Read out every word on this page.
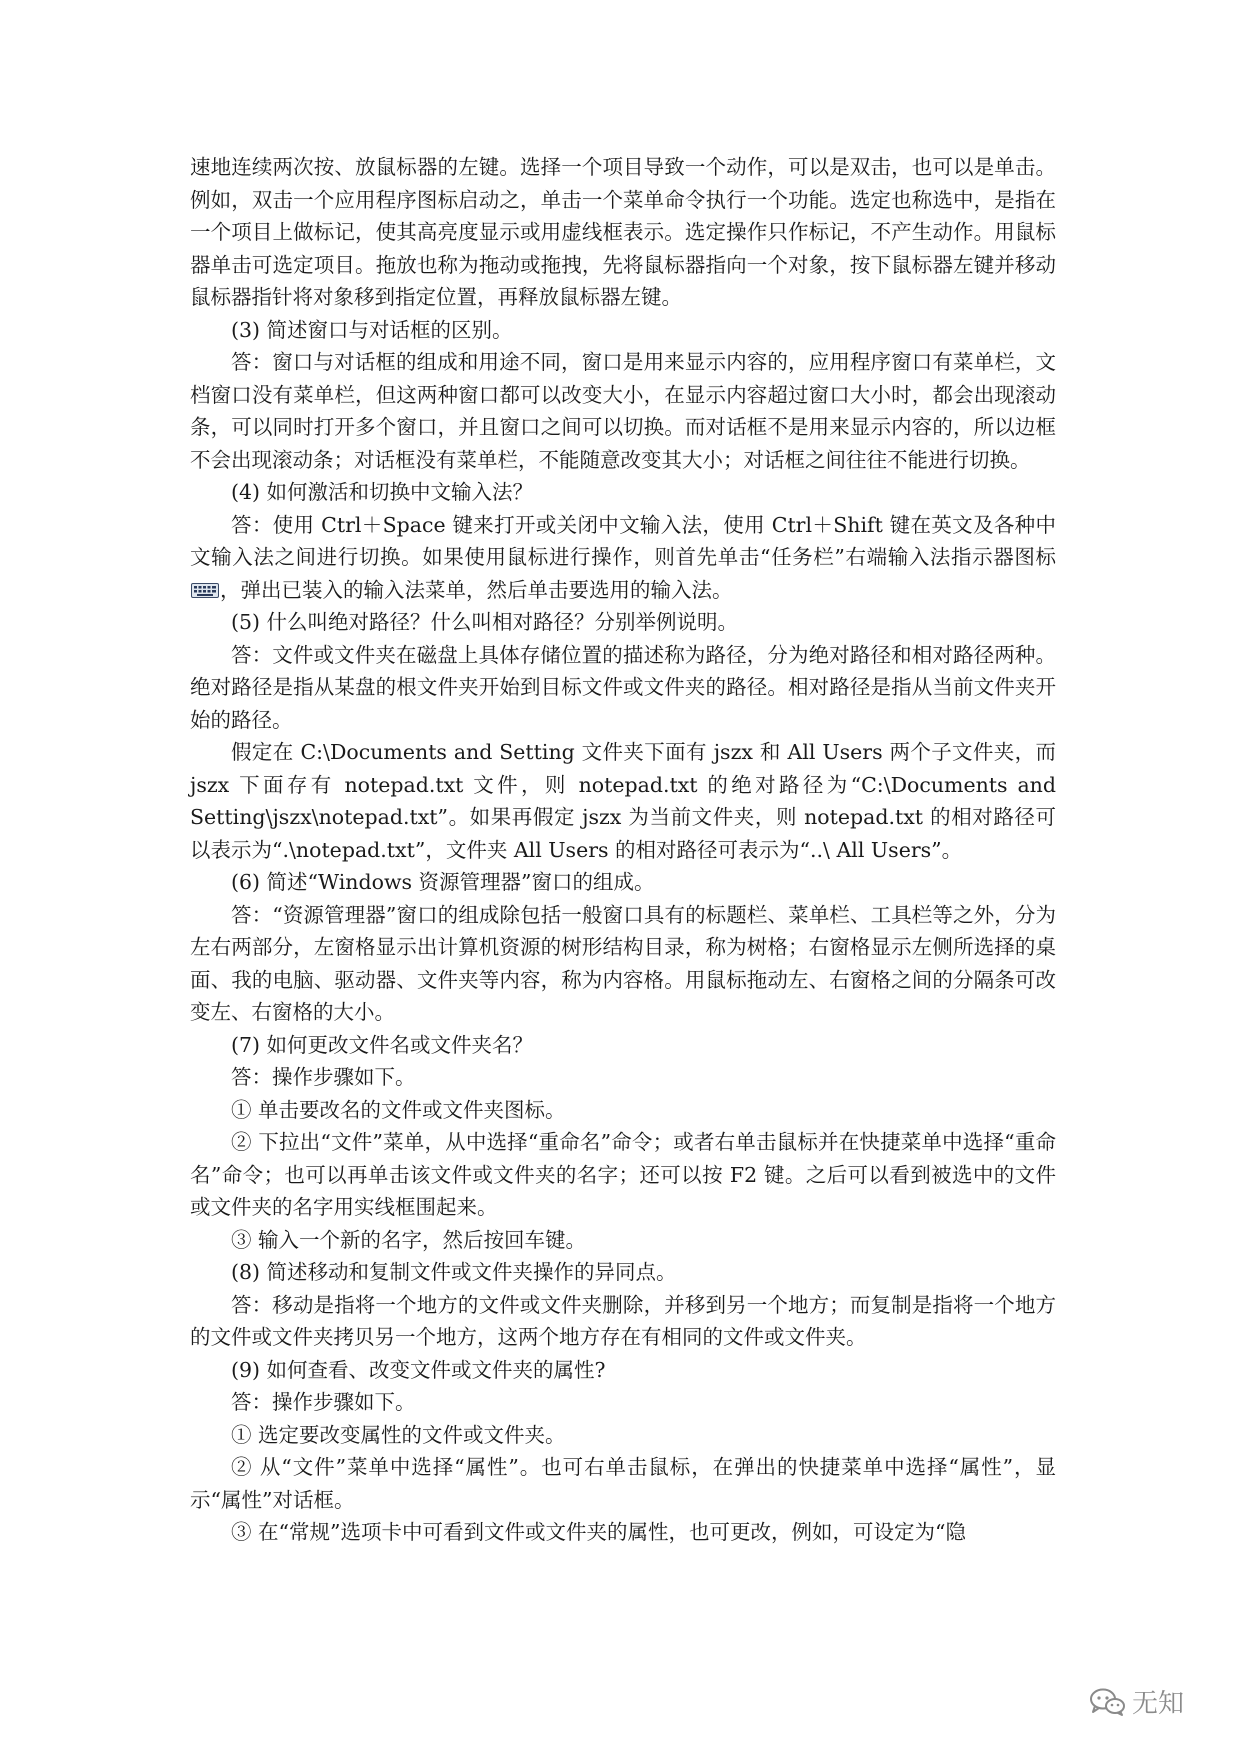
速地连续两次按、放鼠标器的左键。选择一个项目导致一个动作，可以是双击，也可以是单击。例如，双击一个应用程序图标启动之，单击一个菜单命令执行一个功能。选定也称选中，是指在一个项目上做标记，使其高亮度显示或用虚线框表示。选定操作只作标记，不产生动作。用鼠标器单击可选定项目。拖放也称为拖动或拖拽，先将鼠标器指向一个对象，按下鼠标器左键并移动鼠标器指针将对象移到指定位置，再释放鼠标器左键。

(3) 简述窗口与对话框的区别。

答：窗口与对话框的组成和用途不同，窗口是用来显示内容的，应用程序窗口有菜单栏，文档窗口没有菜单栏，但这两种窗口都可以改变大小，在显示内容超过窗口大小时，都会出现滚动条，可以同时打开多个窗口，并且窗口之间可以切换。而对话框不是用来显示内容的，所以边框不会出现滚动条；对话框没有菜单栏，不能随意改变其大小；对话框之间往往不能进行切换。

(4) 如何激活和切换中文输入法？

答：使用 Ctrl＋Space 键来打开或关闭中文输入法，使用 Ctrl＋Shift 键在英文及各种中文输入法之间进行切换。如果使用鼠标进行操作，则首先单击“任务栏”右端输入法指示器图标，弹出已装入的输入法菜单，然后单击要选用的输入法。

(5) 什么叫绝对路径？什么叫相对路径？分别举例说明。

答：文件或文件夹在磁盘上具体存储位置的描述称为路径，分为绝对路径和相对路径两种。绝对路径是指从某盘的根文件夹开始到目标文件或文件夹的路径。相对路径是指从当前文件夹开始的路径。

假定在 C:\Documents and Setting 文件夹下面有 jszx 和 All Users 两个子文件夹，而 jszx 下面存有 notepad.txt 文件，则 notepad.txt 的绝对路径为“C:\Documents and Setting\jszx\notepad.txt”。如果再假定 jszx 为当前文件夹，则 notepad.txt 的相对路径可以表示为“.\notepad.txt”，文件夹 All Users 的相对路径可表示为“..\ All Users”。

(6) 简述“Windows 资源管理器”窗口的组成。

答：“资源管理器”窗口的组成除包括一般窗口具有的标题栏、菜单栏、工具栏等之外，分为左右两部分，左窗格显示出计算机资源的树形结构目录，称为树格；右窗格显示左侧所选择的桌面、我的电脑、驱动器、文件夹等内容，称为内容格。用鼠标拖动左、右窗格之间的分隔条可改变左、右窗格的大小。

(7) 如何更改文件名或文件夹名？

答：操作步骤如下。

① 单击要改名的文件或文件夹图标。

② 下拉出“文件”菜单，从中选择“重命名”命令；或者右单击鼠标并在快捷菜单中选择“重命名”命令；也可以再单击该文件或文件夹的名字；还可以按 F2 键。之后可以看到被选中的文件或文件夹的名字用实线框围起来。

③ 输入一个新的名字，然后按回车键。

(8) 简述移动和复制文件或文件夹操作的异同点。

答：移动是指将一个地方的文件或文件夹删除，并移到另一个地方；而复制是指将一个地方的文件或文件夹拷贝另一个地方，这两个地方存在有相同的文件或文件夹。

(9) 如何查看、改变文件或文件夹的属性?

答：操作步骤如下。

① 选定要改变属性的文件或文件夹。

② 从“文件”菜单中选择“属性”。也可右单击鼠标，在弹出的快捷菜单中选择“属性”，显示“属性”对话框。

③ 在“常规”选项卡中可看到文件或文件夹的属性，也可更改，例如，可设定为“隐

无知
